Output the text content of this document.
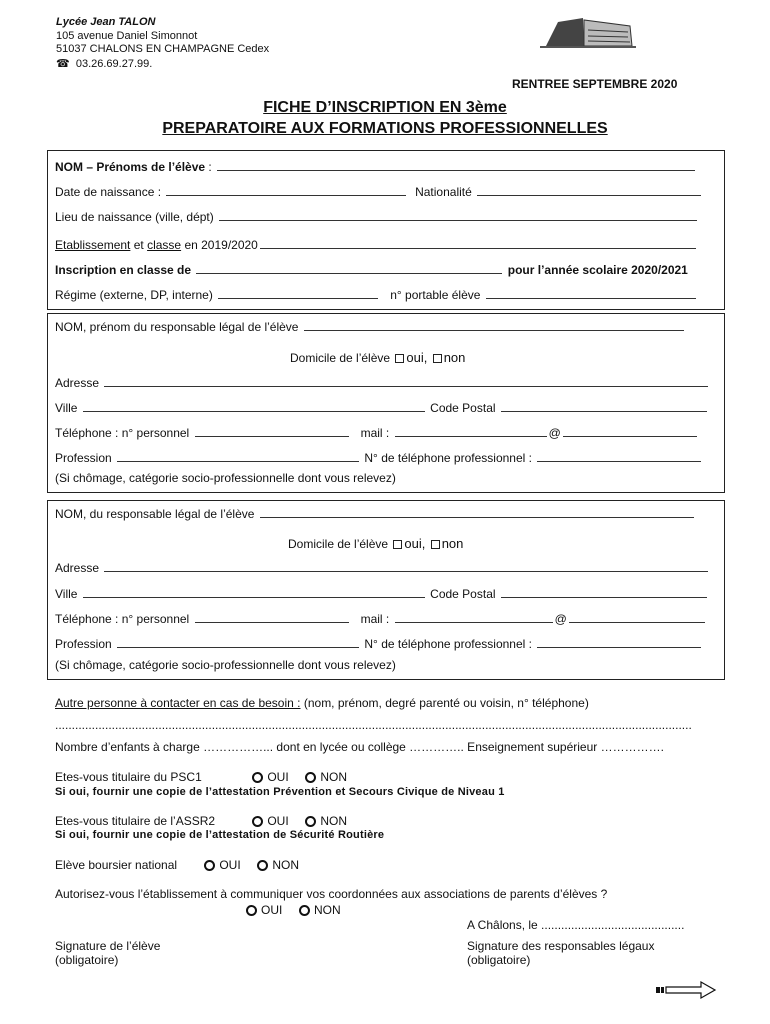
Lycée Jean TALON
105 avenue Daniel Simonnot
51037 CHALONS EN CHAMPAGNE Cedex
☎ 03.26.69.27.99.
RENTREE SEPTEMBRE 2020
FICHE D’INSCRIPTION EN 3ème
PREPARATOIRE AUX FORMATIONS PROFESSIONNELLES
NOM – Prénoms de l’élève :
Date de naissance :	Nationalité
Lieu de naissance (ville, dépt)
Etablissement et classe en 2019/2020
Inscription en classe de	pour l’année scolaire 2020/2021
Régime (externe, DP, interne)	n° portable élève
NOM, prénom du responsable légal de l’élève
Domicile de l’élève oui, non
Adresse
Ville	Code Postal
Téléphone : n° personnel	mail :	@
Profession	N° de téléphone professionnel :
(Si chômage, catégorie socio-professionnelle dont vous relevez)
NOM, du responsable légal de l’élève
Domicile de l’élève oui, non
Adresse
Ville	Code Postal
Téléphone : n° personnel	mail :	@
Profession	N° de téléphone professionnel :
(Si chômage, catégorie socio-professionnelle dont vous relevez)
Autre personne à contacter en cas de besoin : (nom, prénom, degré parenté ou voisin, n° téléphone)
...............................................................................................................................................................................................
Nombre d’enfants à charge ……………... dont en lycée ou collège ………….. Enseignement supérieur …………….
Etes-vous titulaire du PSC1	OUI	NON
Si oui, fournir une copie de l’attestation Prévention et Secours Civique de Niveau 1
Etes-vous titulaire de l’ASSR2	OUI	NON
Si oui, fournir une copie de l’attestation de Sécurité Routière
Elève boursier national	OUI	NON
Autorisez-vous l’établissement à communiquer vos coordonnées aux associations de parents d’élèves ?
OUI	NON
A Châlons, le ...........................................
Signature de l’élève
(obligatoire)
Signature des responsables légaux
(obligatoire)
